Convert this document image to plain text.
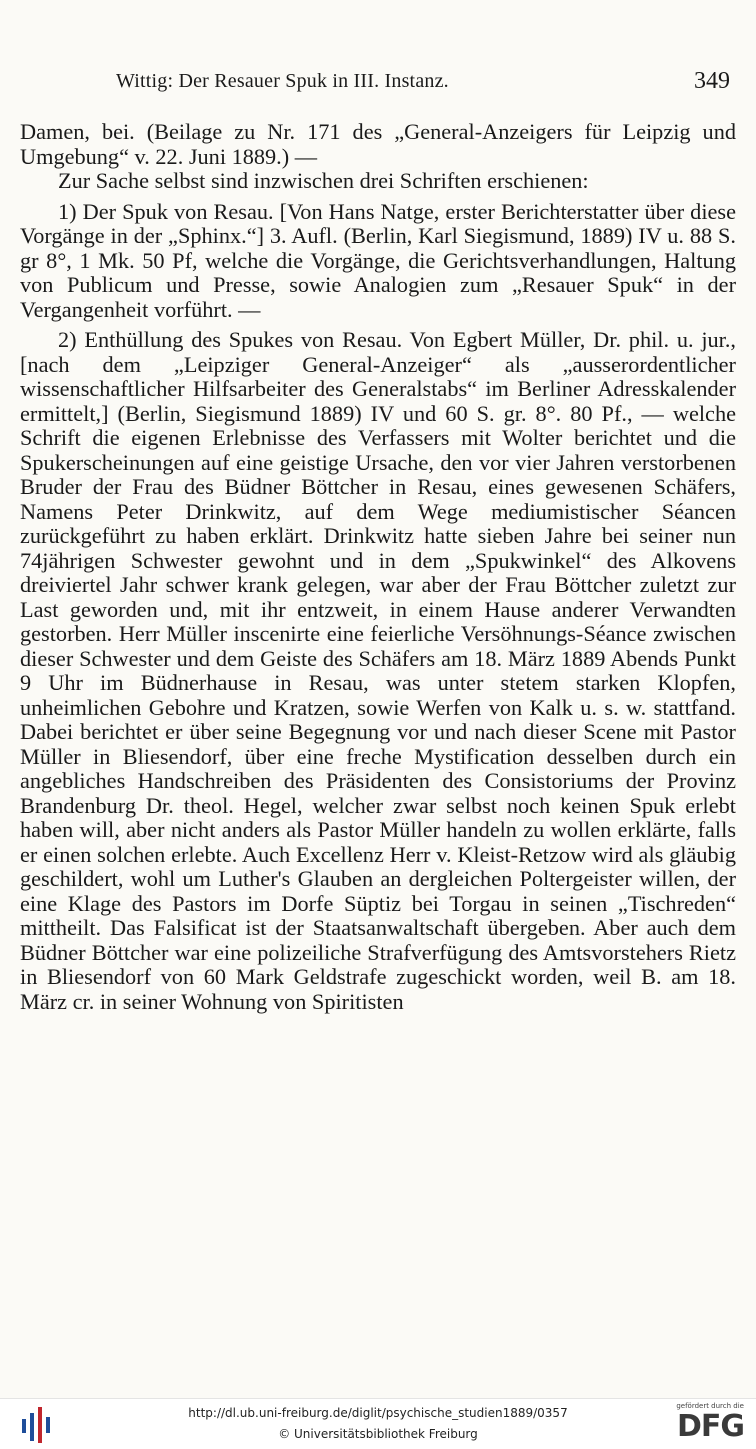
Wittig: Der Resauer Spuk in III. Instanz.	349

Damen, bei. (Beilage zu Nr. 171 des „General-Anzeigers für Leipzig und Umgebung“ v. 22. Juni 1889.) —

Zur Sache selbst sind inzwischen drei Schriften erschienen:

1) Der Spuk von Resau. [Von Hans Natge, erster Berichterstatter über diese Vorgänge in der „Sphinx.“] 3. Aufl. (Berlin, Karl Siegismund, 1889) IV u. 88 S. gr 8°, 1 Mk. 50 Pf, welche die Vorgänge, die Gerichtsverhandlungen, Haltung von Publicum und Presse, sowie Analogien zum „Resauer Spuk“ in der Vergangenheit vorführt. —

2) Enthüllung des Spukes von Resau. Von Egbert Müller, Dr. phil. u. jur., [nach dem „Leipziger General-Anzeiger“ als „ausserordentlicher wissenschaftlicher Hilfsarbeiter des Generalstabs“ im Berliner Adresskalender ermittelt,] (Berlin, Siegismund 1889) IV und 60 S. gr. 8°. 80 Pf., — welche Schrift die eigenen Erlebnisse des Verfassers mit Wolter berichtet und die Spukerscheinungen auf eine geistige Ursache, den vor vier Jahren verstorbenen Bruder der Frau des Büdner Böttcher in Resau, eines gewesenen Schäfers, Namens Peter Drinkwitz, auf dem Wege mediumistischer Séancen zurückgeführt zu haben erklärt. Drinkwitz hatte sieben Jahre bei seiner nun 74jährigen Schwester gewohnt und in dem „Spukwinkel“ des Alkovens dreiviertel Jahr schwer krank gelegen, war aber der Frau Böttcher zuletzt zur Last geworden und, mit ihr entzweit, in einem Hause anderer Verwandten gestorben. Herr Müller inscenirte eine feierliche Versöhnungs-Séance zwischen dieser Schwester und dem Geiste des Schäfers am 18. März 1889 Abends Punkt 9 Uhr im Büdnerhause in Resau, was unter stetem starken Klopfen, unheimlichen Gebohre und Kratzen, sowie Werfen von Kalk u. s. w. stattfand. Dabei berichtet er über seine Begegnung vor und nach dieser Scene mit Pastor Müller in Bliesendorf, über eine freche Mystification desselben durch ein angebliches Handschreiben des Präsidenten des Consistoriums der Provinz Brandenburg Dr. theol. Hegel, welcher zwar selbst noch keinen Spuk erlebt haben will, aber nicht anders als Pastor Müller handeln zu wollen erklärte, falls er einen solchen erlebte. Auch Excellenz Herr v. Kleist-Retzow wird als gläubig geschildert, wohl um Luther's Glauben an dergleichen Poltergeister willen, der eine Klage des Pastors im Dorfe Süptiz bei Torgau in seinen „Tischreden“ mittheilt. Das Falsificat ist der Staatsanwaltschaft übergeben. Aber auch dem Büdner Böttcher war eine polizeiliche Strafverfügung des Amtsvorstehers Rietz in Bliesendorf von 60 Mark Geldstrafe zugeschickt worden, weil B. am 18. März cr. in seiner Wohnung von Spiritisten

http://dl.ub.uni-freiburg.de/diglit/psychische_studien1889/0357
© Universitätsbibliothek Freiburg
gefördert durch die
DFG
